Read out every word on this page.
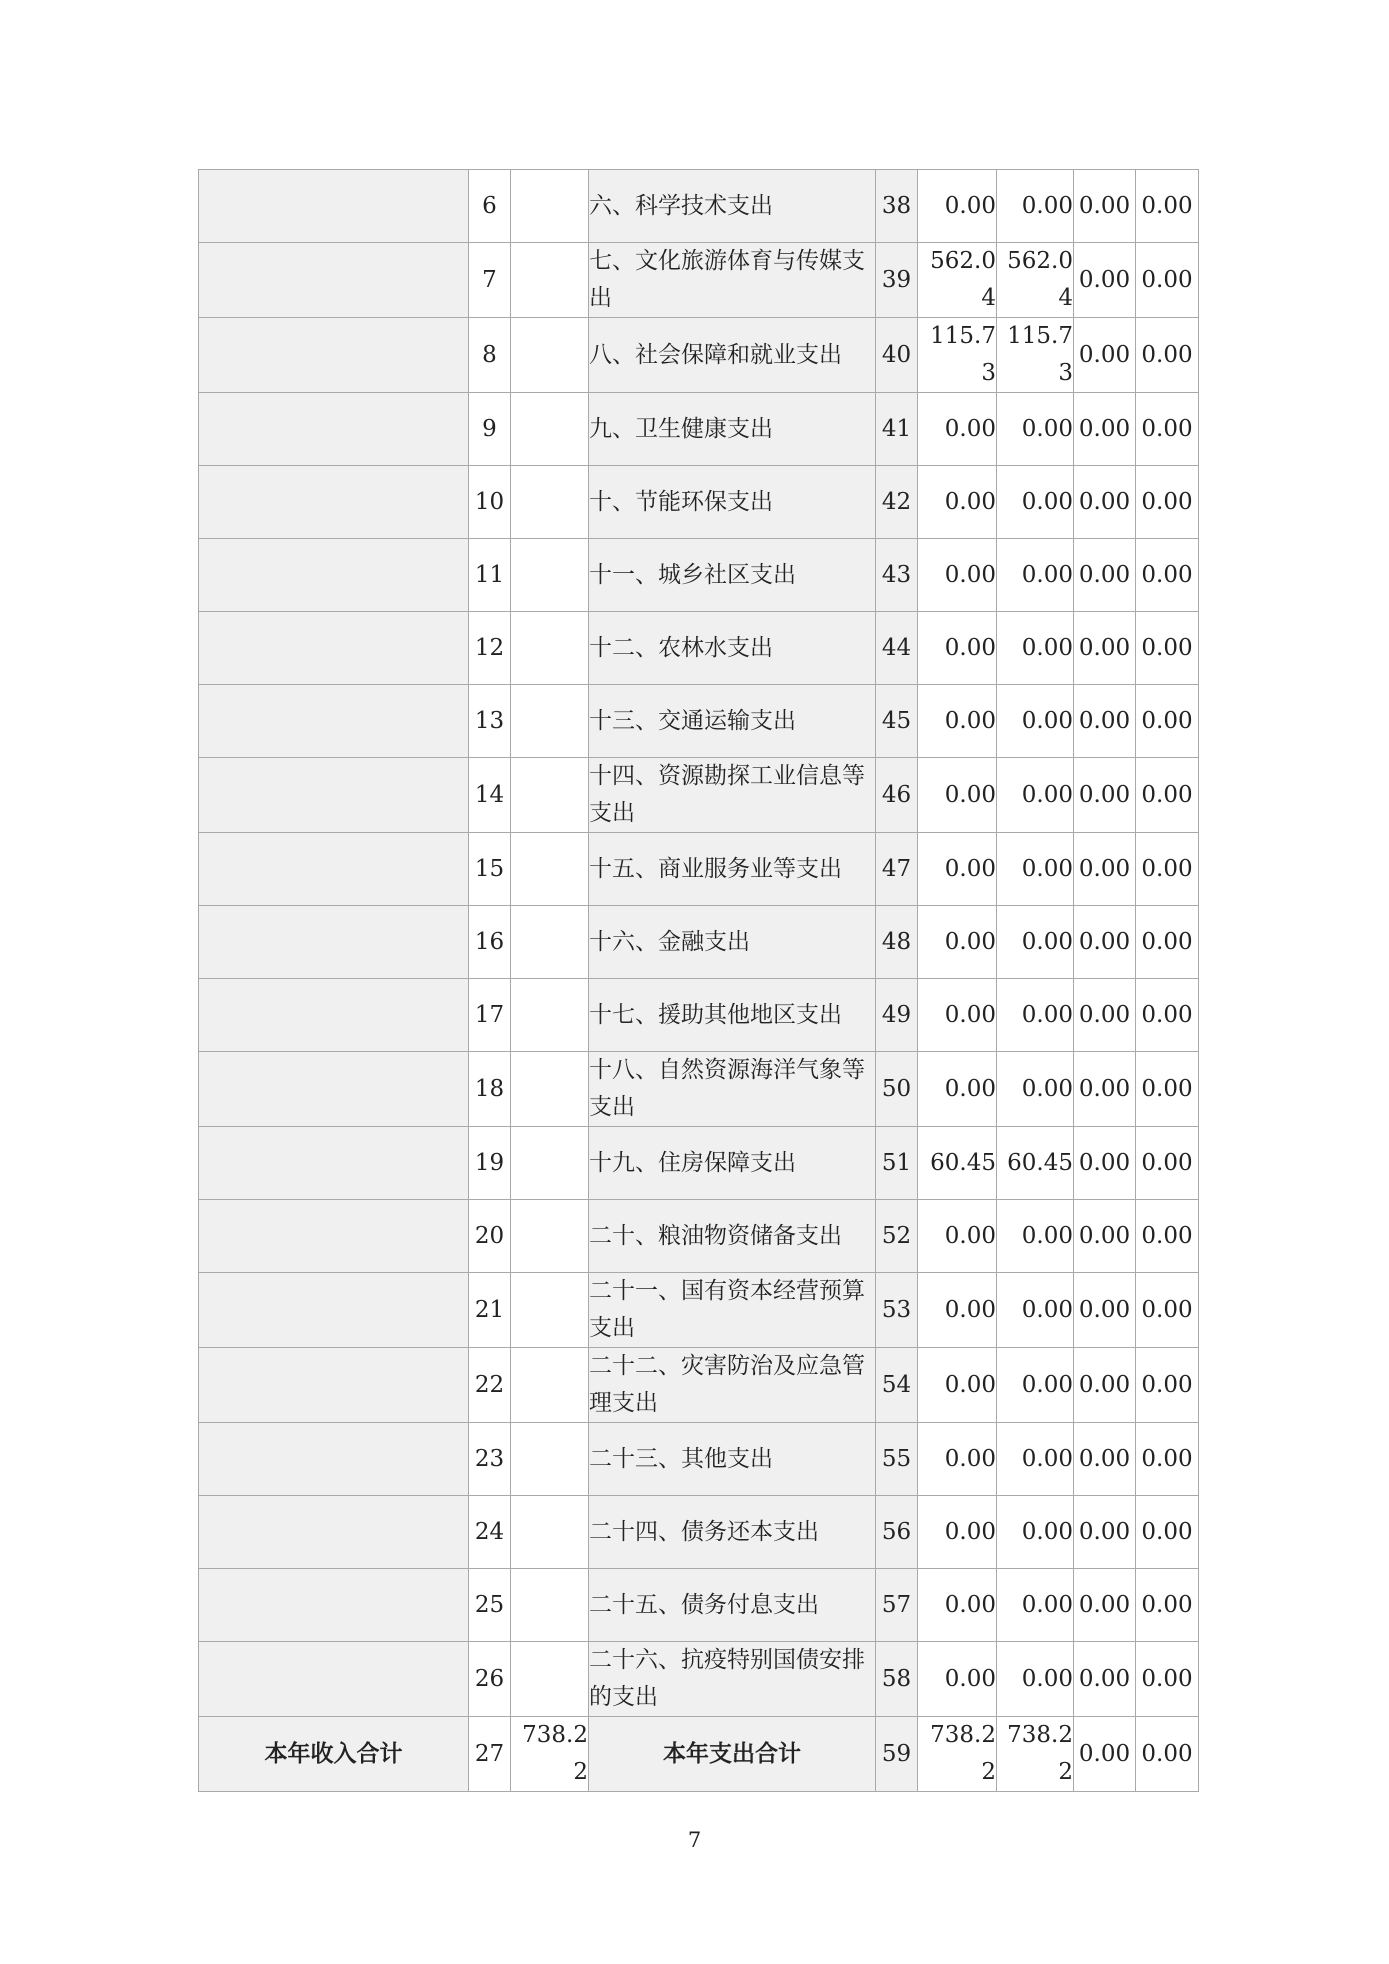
	6		六、科学技术支出	38	0.00	0.00	0.00	0.00
	7		七、文化旅游体育与传媒支出	39	562.04	562.04	0.00	0.00
	8		八、社会保障和就业支出	40	115.73	115.73	0.00	0.00
	9		九、卫生健康支出	41	0.00	0.00	0.00	0.00
	10		十、节能环保支出	42	0.00	0.00	0.00	0.00
	11		十一、城乡社区支出	43	0.00	0.00	0.00	0.00
	12		十二、农林水支出	44	0.00	0.00	0.00	0.00
	13		十三、交通运输支出	45	0.00	0.00	0.00	0.00
	14		十四、资源勘探工业信息等支出	46	0.00	0.00	0.00	0.00
	15		十五、商业服务业等支出	47	0.00	0.00	0.00	0.00
	16		十六、金融支出	48	0.00	0.00	0.00	0.00
	17		十七、援助其他地区支出	49	0.00	0.00	0.00	0.00
	18		十八、自然资源海洋气象等支出	50	0.00	0.00	0.00	0.00
	19		十九、住房保障支出	51	60.45	60.45	0.00	0.00
	20		二十、粮油物资储备支出	52	0.00	0.00	0.00	0.00
	21		二十一、国有资本经营预算支出	53	0.00	0.00	0.00	0.00
	22		二十二、灾害防治及应急管理支出	54	0.00	0.00	0.00	0.00
	23		二十三、其他支出	55	0.00	0.00	0.00	0.00
	24		二十四、债务还本支出	56	0.00	0.00	0.00	0.00
	25		二十五、债务付息支出	57	0.00	0.00	0.00	0.00
	26		二十六、抗疫特别国债安排的支出	58	0.00	0.00	0.00	0.00
本年收入合计	27	738.22	本年支出合计	59	738.22	738.22	0.00	0.00
7
